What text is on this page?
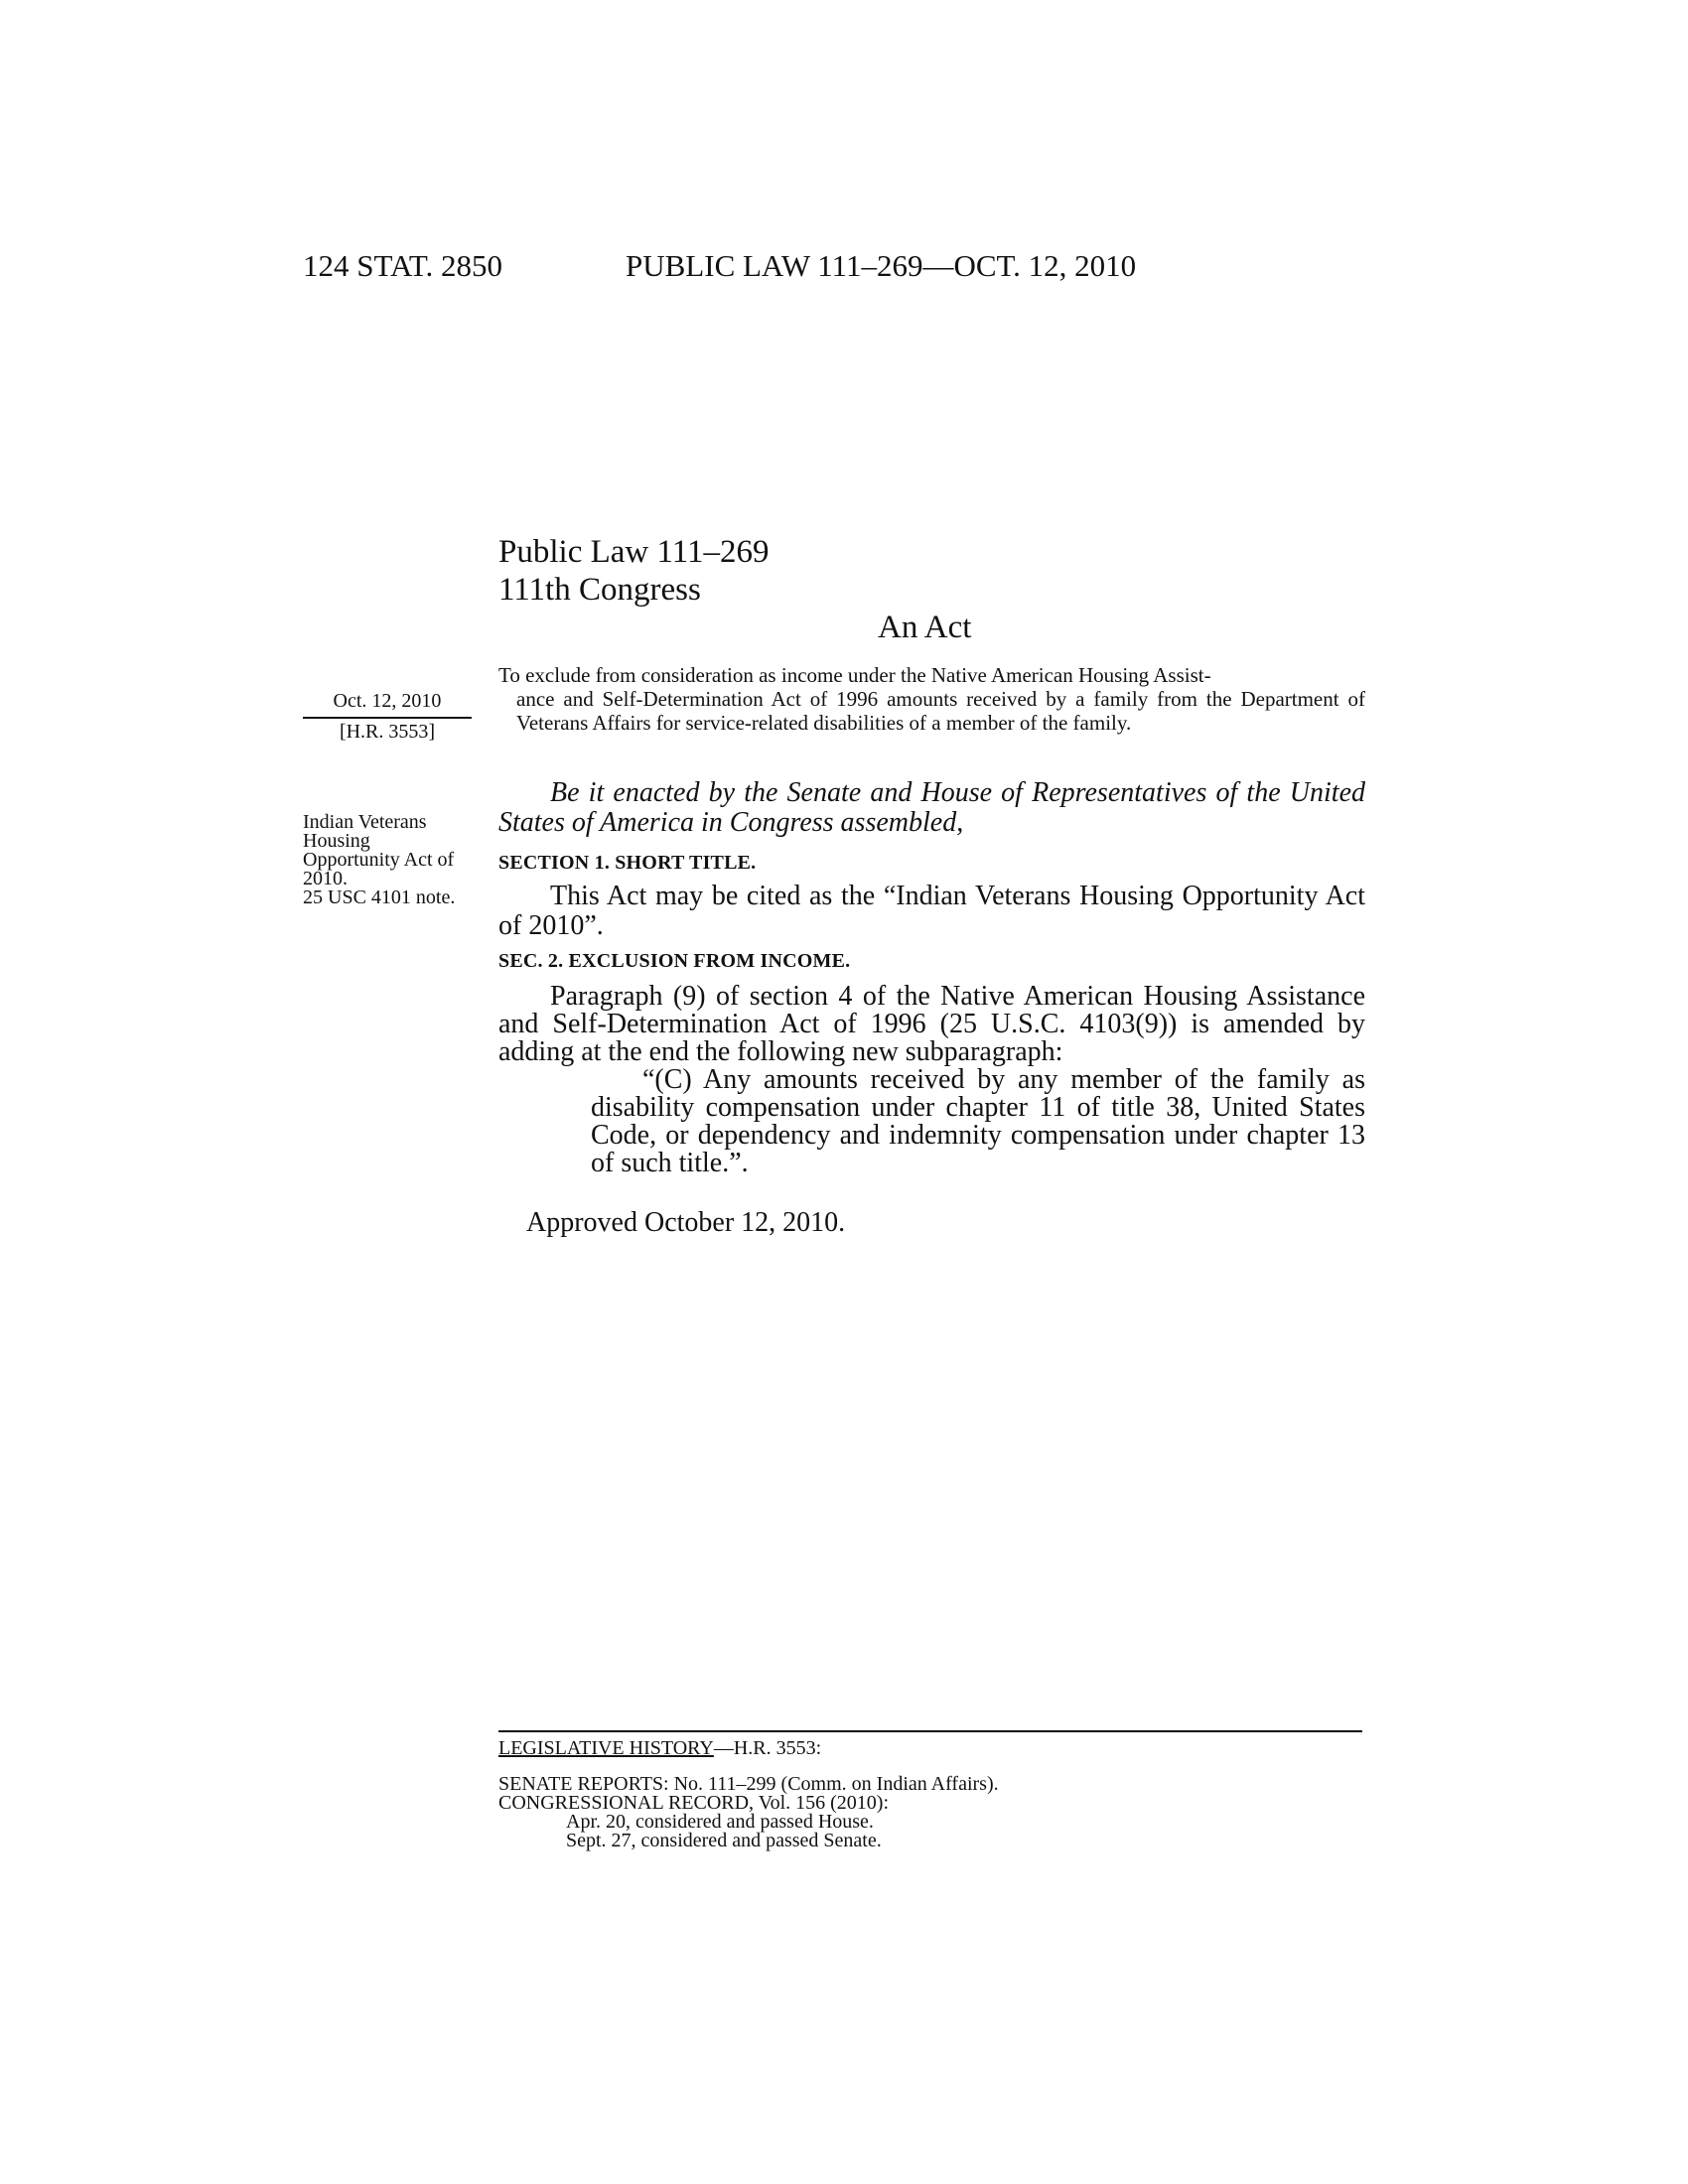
124 STAT. 2850	PUBLIC LAW 111–269—OCT. 12, 2010
Public Law 111–269
111th Congress
An Act
Oct. 12, 2010
[H.R. 3553]
Indian Veterans Housing Opportunity Act of 2010.
25 USC 4101 note.
To exclude from consideration as income under the Native American Housing Assist-
ance and Self-Determination Act of 1996 amounts received by a family from the Department of Veterans Affairs for service-related disabilities of a member of the family.
Be it enacted by the Senate and House of Representatives of the United States of America in Congress assembled,
SECTION 1. SHORT TITLE.
This Act may be cited as the “Indian Veterans Housing Opportunity Act of 2010”.
SEC. 2. EXCLUSION FROM INCOME.
Paragraph (9) of section 4 of the Native American Housing Assistance and Self-Determination Act of 1996 (25 U.S.C. 4103(9)) is amended by adding at the end the following new subparagraph:
“(C) Any amounts received by any member of the family as disability compensation under chapter 11 of title 38, United States Code, or dependency and indemnity compensation under chapter 13 of such title.”.
Approved October 12, 2010.
LEGISLATIVE HISTORY—H.R. 3553:
SENATE REPORTS: No. 111–299 (Comm. on Indian Affairs).
CONGRESSIONAL RECORD, Vol. 156 (2010):
Apr. 20, considered and passed House.
Sept. 27, considered and passed Senate.
